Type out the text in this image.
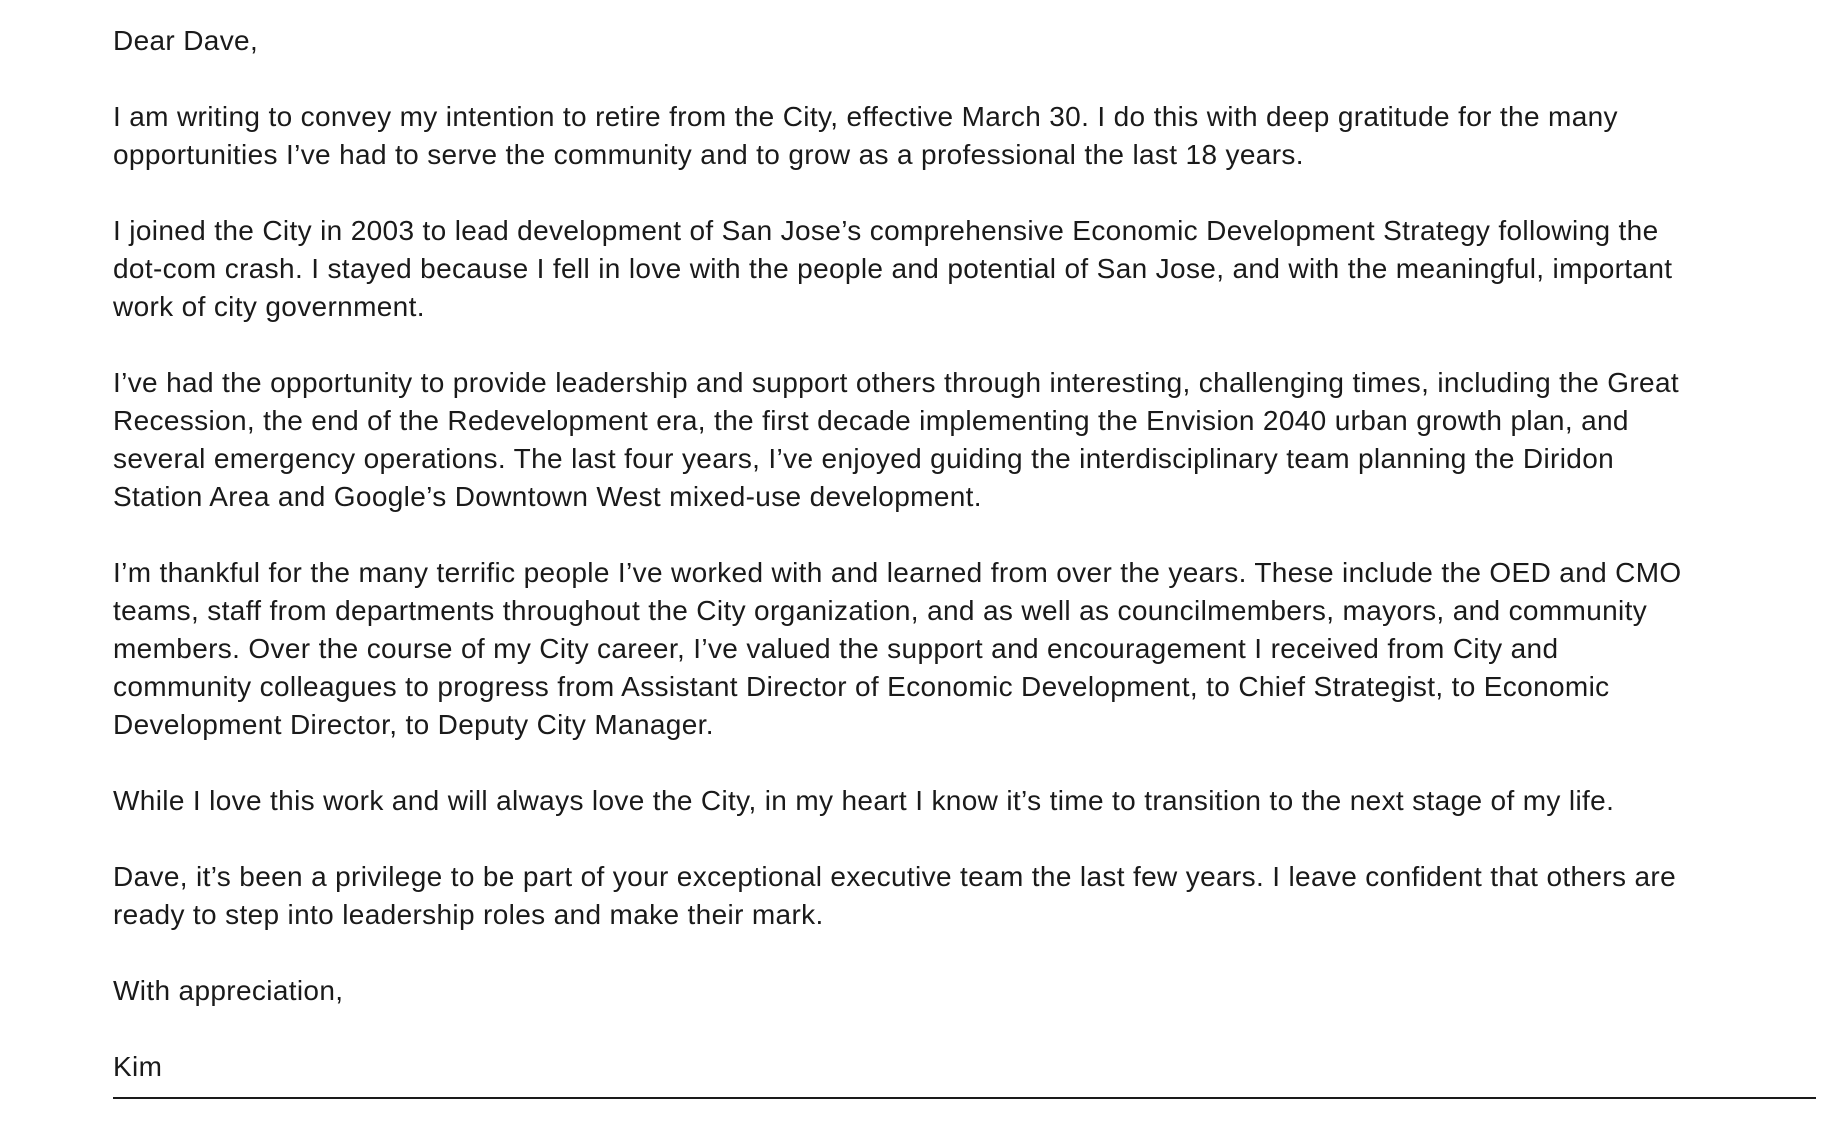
Dear Dave,

I am writing to convey my intention to retire from the City, effective March 30. I do this with deep gratitude for the many
opportunities I’ve had to serve the community and to grow as a professional the last 18 years.

I joined the City in 2003 to lead development of San Jose’s comprehensive Economic Development Strategy following the
dot-com crash. I stayed because I fell in love with the people and potential of San Jose, and with the meaningful, important
work of city government.

I’ve had the opportunity to provide leadership and support others through interesting, challenging times, including the Great
Recession, the end of the Redevelopment era, the first decade implementing the Envision 2040 urban growth plan, and
several emergency operations. The last four years, I’ve enjoyed guiding the interdisciplinary team planning the Diridon
Station Area and Google’s Downtown West mixed-use development.

I’m thankful for the many terrific people I’ve worked with and learned from over the years. These include the OED and CMO
teams, staff from departments throughout the City organization, and as well as councilmembers, mayors, and community
members. Over the course of my City career, I’ve valued the support and encouragement I received from City and
community colleagues to progress from Assistant Director of Economic Development, to Chief Strategist, to Economic
Development Director, to Deputy City Manager.

While I love this work and will always love the City, in my heart I know it’s time to transition to the next stage of my life.

Dave, it’s been a privilege to be part of your exceptional executive team the last few years. I leave confident that others are
ready to step into leadership roles and make their mark.

With appreciation,

Kim
